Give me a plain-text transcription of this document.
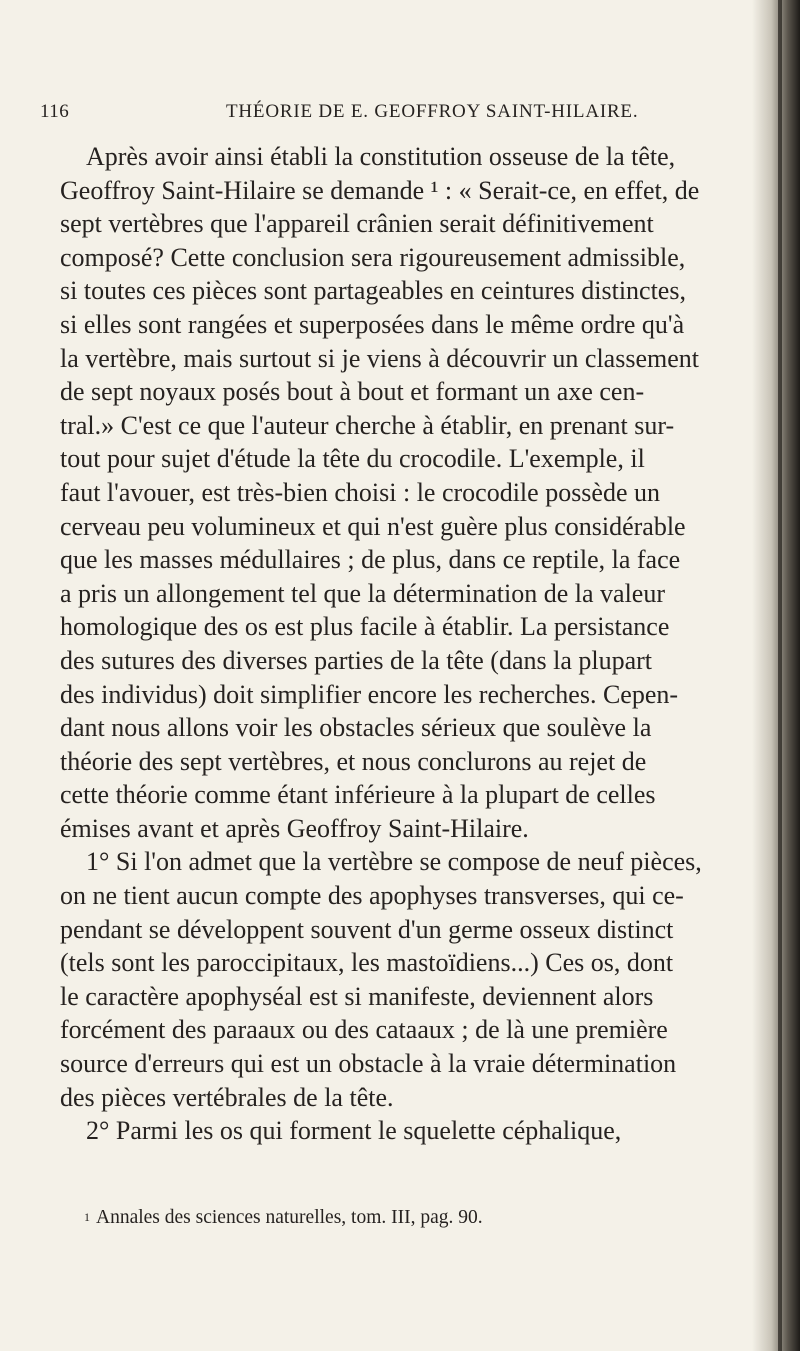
116	THÉORIE DE E. GEOFFROY SAINT-HILAIRE.
Après avoir ainsi établi la constitution osseuse de la tête,
Geoffroy Saint-Hilaire se demande ¹ : « Serait-ce, en effet, de
sept vertèbres que l'appareil crânien serait définitivement
composé? Cette conclusion sera rigoureusement admissible,
si toutes ces pièces sont partageables en ceintures distinctes,
si elles sont rangées et superposées dans le même ordre qu'à
la vertèbre, mais surtout si je viens à découvrir un classement
de sept noyaux posés bout à bout et formant un axe cen-
tral.» C'est ce que l'auteur cherche à établir, en prenant sur-
tout pour sujet d'étude la tête du crocodile. L'exemple, il
faut l'avouer, est très-bien choisi : le crocodile possède un
cerveau peu volumineux et qui n'est guère plus considérable
que les masses médullaires ; de plus, dans ce reptile, la face
a pris un allongement tel que la détermination de la valeur
homologique des os est plus facile à établir. La persistance
des sutures des diverses parties de la tête (dans la plupart
des individus) doit simplifier encore les recherches. Cepen-
dant nous allons voir les obstacles sérieux que soulève la
théorie des sept vertèbres, et nous conclurons au rejet de
cette théorie comme étant inférieure à la plupart de celles
émises avant et après Geoffroy Saint-Hilaire.
1° Si l'on admet que la vertèbre se compose de neuf pièces,
on ne tient aucun compte des apophyses transverses, qui ce-
pendant se développent souvent d'un germe osseux distinct
(tels sont les paroccipitaux, les mastoïdiens...) Ces os, dont
le caractère apophyséal est si manifeste, deviennent alors
forcément des paraaux ou des cataaux ; de là une première
source d'erreurs qui est un obstacle à la vraie détermination
des pièces vertébrales de la tête.
2° Parmi les os qui forment le squelette céphalique,
1 Annales des sciences naturelles, tom. III, pag. 90.
